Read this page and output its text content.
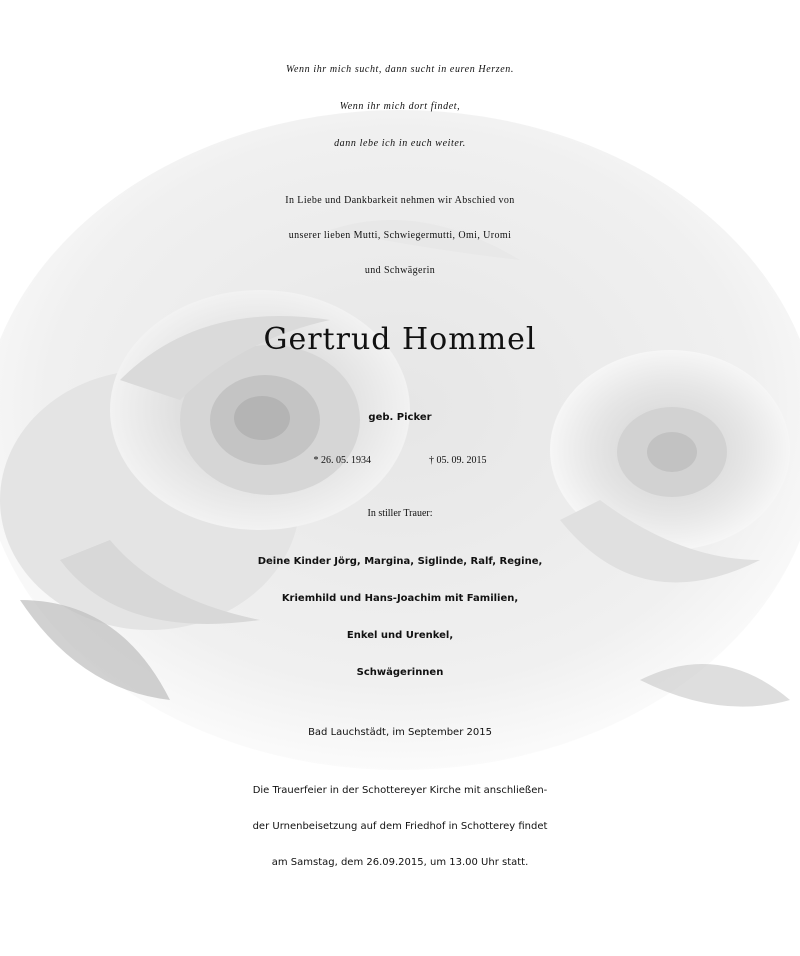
Wenn ihr mich sucht, dann sucht in euren Herzen.
Wenn ihr mich dort findet,
dann lebe ich in euch weiter.
In Liebe und Dankbarkeit nehmen wir Abschied von
unserer lieben Mutti, Schwiegermutti, Omi, Uromi
und Schwägerin
Gertrud Hommel
geb. Picker
* 26. 05. 1934	† 05. 09. 2015
In stiller Trauer:
Deine Kinder Jörg, Margina, Siglinde, Ralf, Regine,
Kriemhild und Hans-Joachim mit Familien,
Enkel und Urenkel,
Schwägerinnen
Bad Lauchstädt, im September 2015
Die Trauerfeier in der Schottereyer Kirche mit anschließen-
der Urnenbeisetzung auf dem Friedhof in Schotterey findet
am Samstag, dem 26.09.2015, um 13.00 Uhr statt.
